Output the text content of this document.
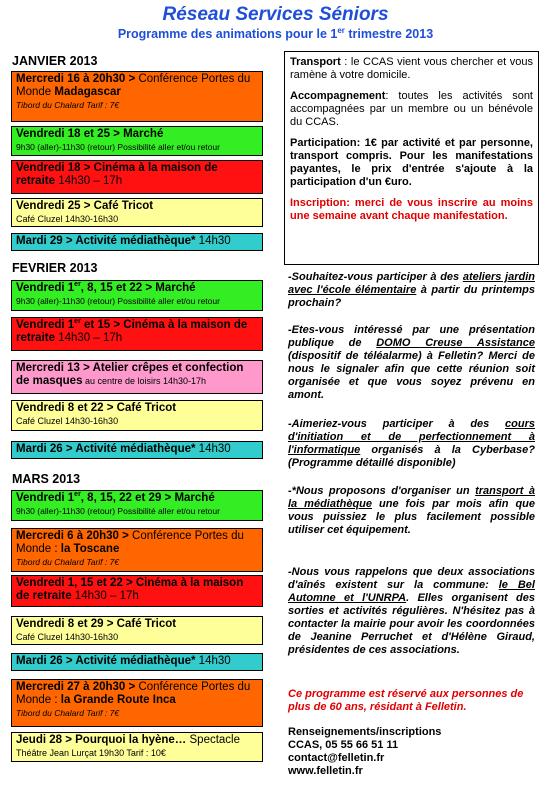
Réseau Services Séniors
Programme des animations pour le 1er trimestre 2013
JANVIER 2013
Mercredi 16 à 20h30 > Conférence Portes du Monde Madagascar
Tibord du Chalard Tarif : 7€
Vendredi 18 et 25 > Marché
9h30 (aller)-11h30 (retour) Possibilité aller et/ou retour
Vendredi 18 > Cinéma à la maison de retraite 14h30 – 17h
Vendredi 25 > Café Tricot
Café Cluzel 14h30-16h30
Mardi 29 > Activité médiathèque* 14h30
FEVRIER 2013
Vendredi 1er, 8, 15 et 22 > Marché
9h30 (aller)-11h30 (retour) Possibilité aller et/ou retour
Vendredi 1er et 15 > Cinéma à la maison de retraite 14h30 – 17h
Mercredi 13 > Atelier crêpes et confection de masques au centre de loisirs 14h30-17h
Vendredi 8 et 22 > Café Tricot
Café Cluzel 14h30-16h30
Mardi 26 > Activité médiathèque* 14h30
MARS 2013
Vendredi 1er, 8, 15, 22 et 29 > Marché
9h30 (aller)-11h30 (retour) Possibilité aller et/ou retour
Mercredi 6 à 20h30 > Conférence Portes du Monde : la Toscane
Tibord du Chalard Tarif : 7€
Vendredi 1, 15 et 22 > Cinéma à la maison de retraite 14h30 – 17h
Vendredi 8 et 29 > Café Tricot
Café Cluzel 14h30-16h30
Mardi 26 > Activité médiathèque* 14h30
Mercredi 27 à 20h30 > Conférence Portes du Monde : la Grande Route Inca
Tibord du Chalard Tarif : 7€
Jeudi 28 > Pourquoi la hyène… Spectacle
Théâtre Jean Lurçat 19h30 Tarif : 10€

Transport : le CCAS vient vous chercher et vous ramène à votre domicile.

Accompagnement: toutes les activités sont accompagnées par un membre ou un bénévole du CCAS.

Participation: 1€ par activité et par personne, transport compris. Pour les manifestations payantes, le prix d'entrée s'ajoute à la participation d'un €uro.

Inscription: merci de vous inscrire au moins une semaine avant chaque manifestation.

-Souhaitez-vous participer à des ateliers jardin avec l'école élémentaire à partir du printemps prochain?
-Etes-vous intéressé par une présentation publique de DOMO Creuse Assistance (dispositif de téléalarme) à Felletin? Merci de nous le signaler afin que cette réunion soit organisée et que vous soyez prévenu en amont.
-Aimeriez-vous participer à des cours d'initiation et de perfectionnement à l'informatique organisés à la Cyberbase? (Programme détaillé disponible)
-*Nous proposons d'organiser un transport à la médiathèque une fois par mois afin que vous puissiez le plus facilement possible utiliser cet équipement.
-Nous vous rappelons que deux associations d'aînés existent sur la commune: le Bel Automne et l'UNRPA. Elles organisent des sorties et activités régulières. N'hésitez pas à contacter la mairie pour avoir les coordonnées de Jeanine Perruchet et d'Hélène Giraud, présidentes de ces associations.
Ce programme est réservé aux personnes de plus de 60 ans, résidant à Felletin.
Renseignements/inscriptions
CCAS, 05 55 66 51 11
contact@felletin.fr
www.felletin.fr
